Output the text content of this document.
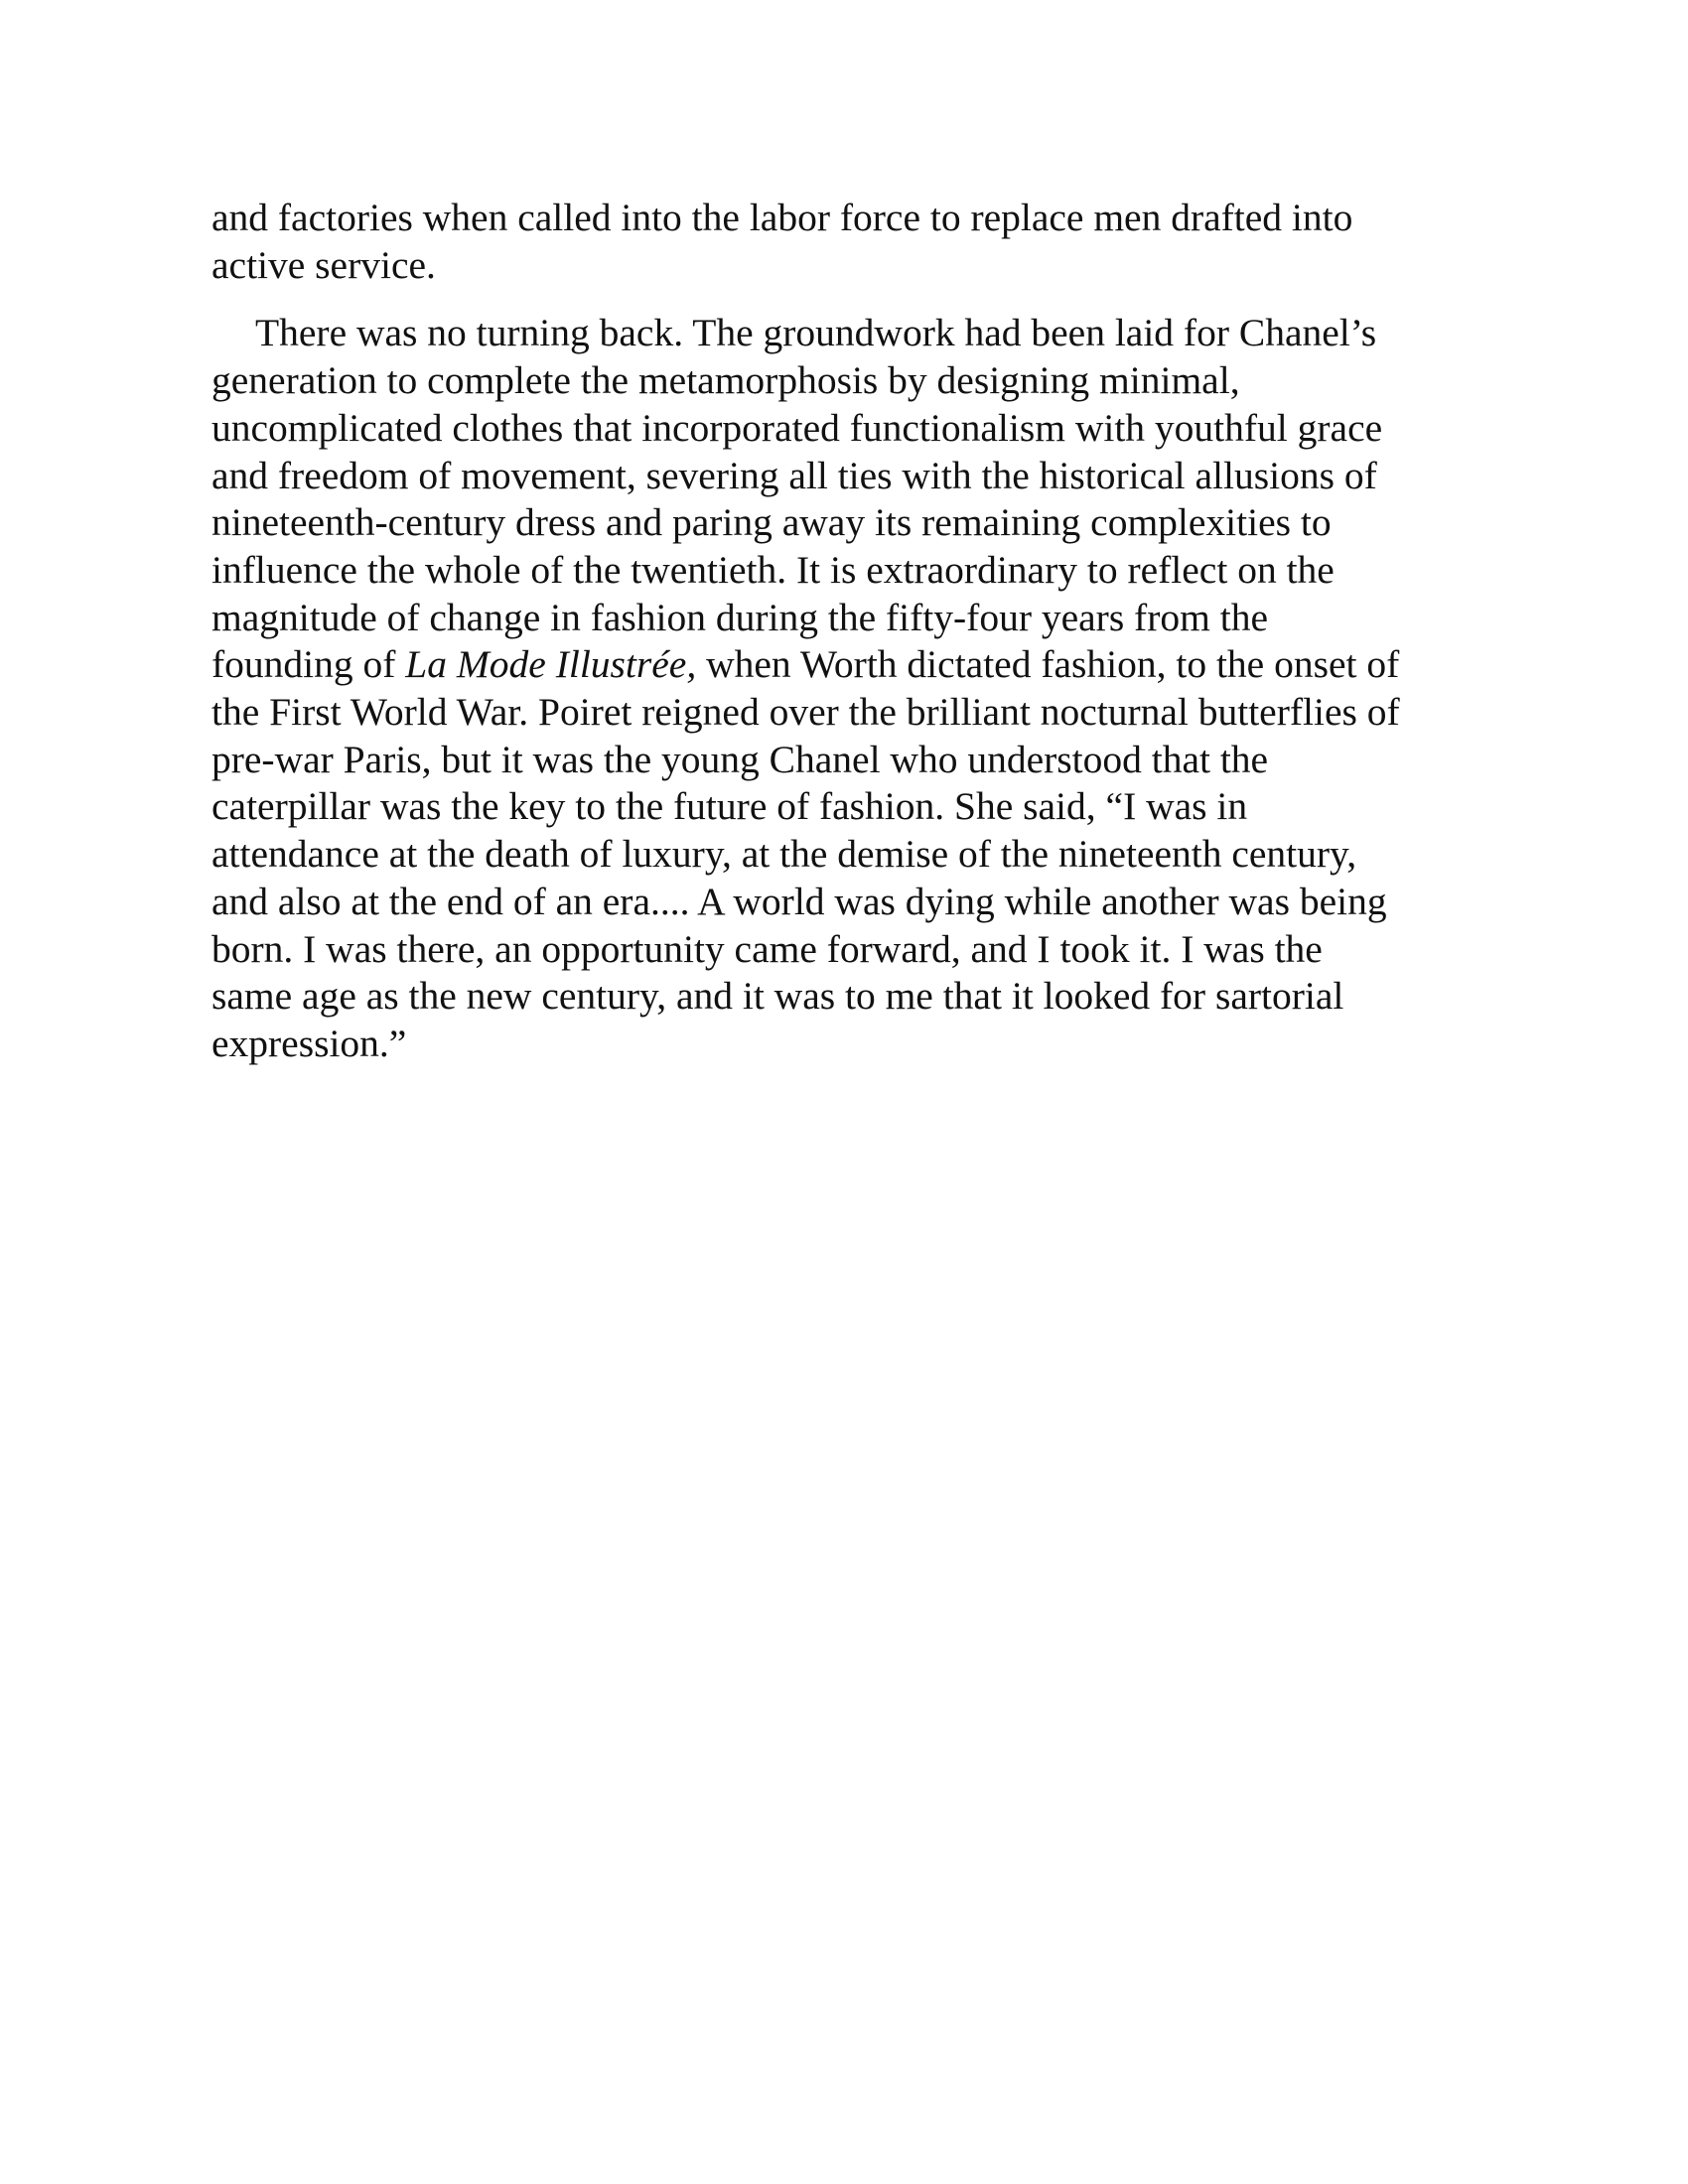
and factories when called into the labor force to replace men drafted into
active service.

There was no turning back. The groundwork had been laid for Chanel’s
generation to complete the metamorphosis by designing minimal,
uncomplicated clothes that incorporated functionalism with youthful grace
and freedom of movement, severing all ties with the historical allusions of
nineteenth-century dress and paring away its remaining complexities to
influence the whole of the twentieth. It is extraordinary to reflect on the
magnitude of change in fashion during the fifty-four years from the
founding of La Mode Illustrée, when Worth dictated fashion, to the onset of
the First World War. Poiret reigned over the brilliant nocturnal butterflies of
pre-war Paris, but it was the young Chanel who understood that the
caterpillar was the key to the future of fashion. She said, “I was in
attendance at the death of luxury, at the demise of the nineteenth century,
and also at the end of an era.... A world was dying while another was being
born. I was there, an opportunity came forward, and I took it. I was the
same age as the new century, and it was to me that it looked for sartorial
expression.”
